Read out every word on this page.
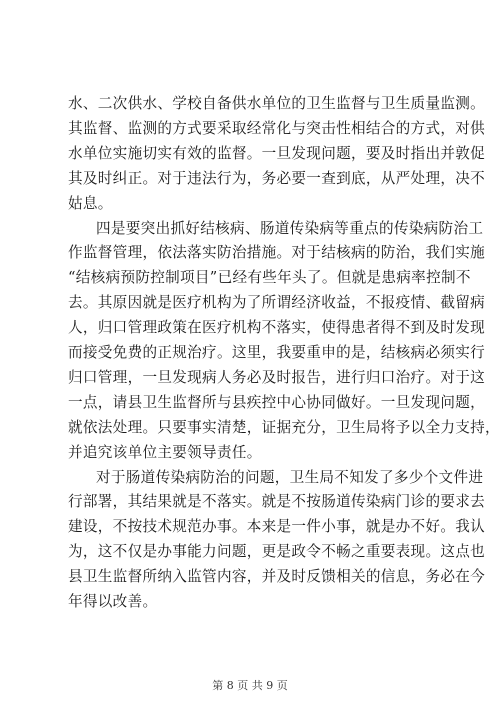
水、二次供水、学校自备供水单位的卫生监督与卫生质量监测。
其监督、监测的方式要采取经常化与突击性相结合的方式，对供
水单位实施切实有效的监督。一旦发现问题，要及时指出并敦促
其及时纠正。对于违法行为，务必要一查到底，从严处理，决不
姑息。
四是要突出抓好结核病、肠道传染病等重点的传染病防治工
作监督管理，依法落实防治措施。对于结核病的防治，我们实施
“结核病预防控制项目”已经有些年头了。但就是患病率控制不
去。其原因就是医疗机构为了所谓经济收益，不报疫情、截留病
人，归口管理政策在医疗机构不落实，使得患者得不到及时发现
而接受免费的正规治疗。这里，我要重申的是，结核病必须实行
归口管理，一旦发现病人务必及时报告，进行归口治疗。对于这
一点，请县卫生监督所与县疾控中心协同做好。一旦发现问题，
就依法处理。只要事实清楚，证据充分，卫生局将予以全力支持，
并追究该单位主要领导责任。
对于肠道传染病防治的问题，卫生局不知发了多少个文件进
行部署，其结果就是不落实。就是不按肠道传染病门诊的要求去
建设，不按技术规范办事。本来是一件小事，就是办不好。我认
为，这不仅是办事能力问题，更是政令不畅之重要表现。这点也
第 8 页 共 9 页
县卫生监督所纳入监管内容，并及时反馈相关的信息，务必在今
年得以改善。
